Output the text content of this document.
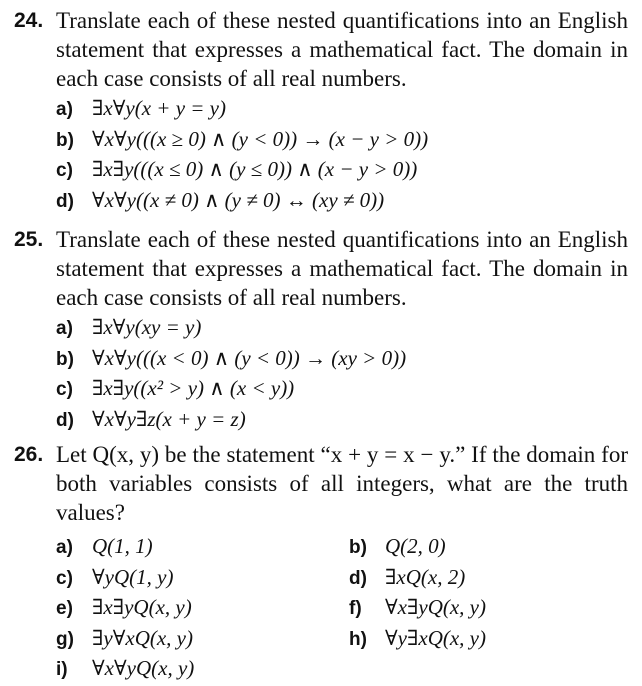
24. Translate each of these nested quantifications into an English statement that expresses a mathematical fact. The domain in each case consists of all real numbers.
a) ∃x∀y(x + y = y)
b) ∀x∀y(((x ≥ 0) ∧ (y < 0)) → (x − y > 0))
c) ∃x∃y(((x ≤ 0) ∧ (y ≤ 0)) ∧ (x − y > 0))
d) ∀x∀y((x ≠ 0) ∧ (y ≠ 0) ↔ (xy ≠ 0))
25. Translate each of these nested quantifications into an English statement that expresses a mathematical fact. The domain in each case consists of all real numbers.
a) ∃x∀y(xy = y)
b) ∀x∀y(((x < 0) ∧ (y < 0)) → (xy > 0))
c) ∃x∃y((x² > y) ∧ (x < y))
d) ∀x∀y∃z(x + y = z)
26. Let Q(x, y) be the statement “x + y = x − y.” If the domain for both variables consists of all integers, what are the truth values?
a) Q(1, 1)	b) Q(2, 0)
c) ∀yQ(1, y)	d) ∃xQ(x, 2)
e) ∃x∃yQ(x, y)	f) ∀x∃yQ(x, y)
g) ∃y∀xQ(x, y)	h) ∀y∃xQ(x, y)
i) ∀x∀yQ(x, y)
